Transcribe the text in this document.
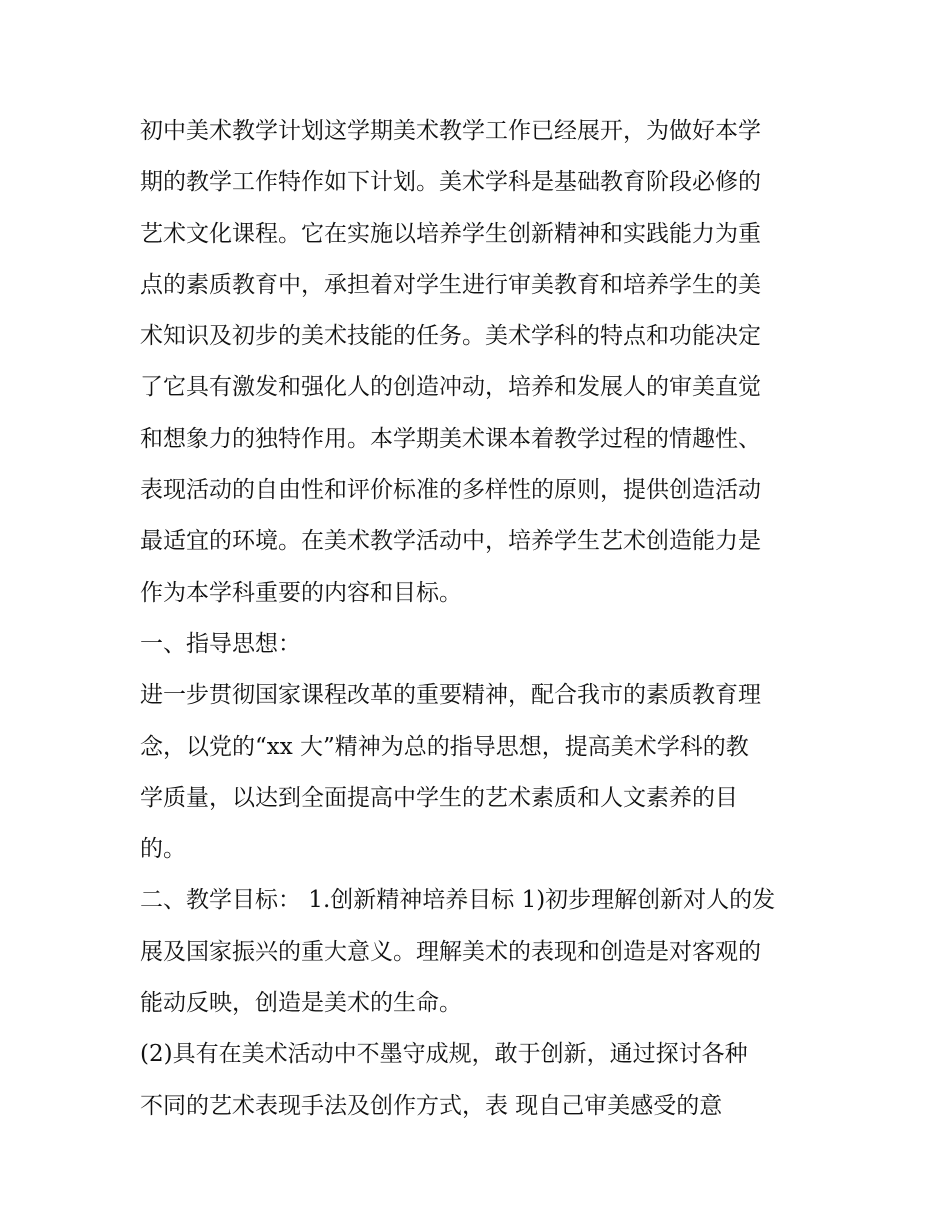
初中美术教学计划这学期美术教学工作已经展开，为做好本学
期的教学工作特作如下计划。美术学科是基础教育阶段必修的
艺术文化课程。它在实施以培养学生创新精神和实践能力为重
点的素质教育中，承担着对学生进行审美教育和培养学生的美
术知识及初步的美术技能的任务。美术学科的特点和功能决定
了它具有激发和强化人的创造冲动，培养和发展人的审美直觉
和想象力的独特作用。本学期美术课本着教学过程的情趣性、
表现活动的自由性和评价标准的多样性的原则，提供创造活动
最适宜的环境。在美术教学活动中，培养学生艺术创造能力是
作为本学科重要的内容和目标。
一、指导思想：
进一步贯彻国家课程改革的重要精神，配合我市的素质教育理
念，以党的“xx 大”精神为总的指导思想，提高美术学科的教
学质量，以达到全面提高中学生的艺术素质和人文素养的目
的。
二、教学目标： 1.创新精神培养目标 1)初步理解创新对人的发
展及国家振兴的重大意义。理解美术的表现和创造是对客观的
能动反映，创造是美术的生命。
(2)具有在美术活动中不墨守成规，敢于创新，通过探讨各种
不同的艺术表现手法及创作方式，表 现自己审美感受的意
